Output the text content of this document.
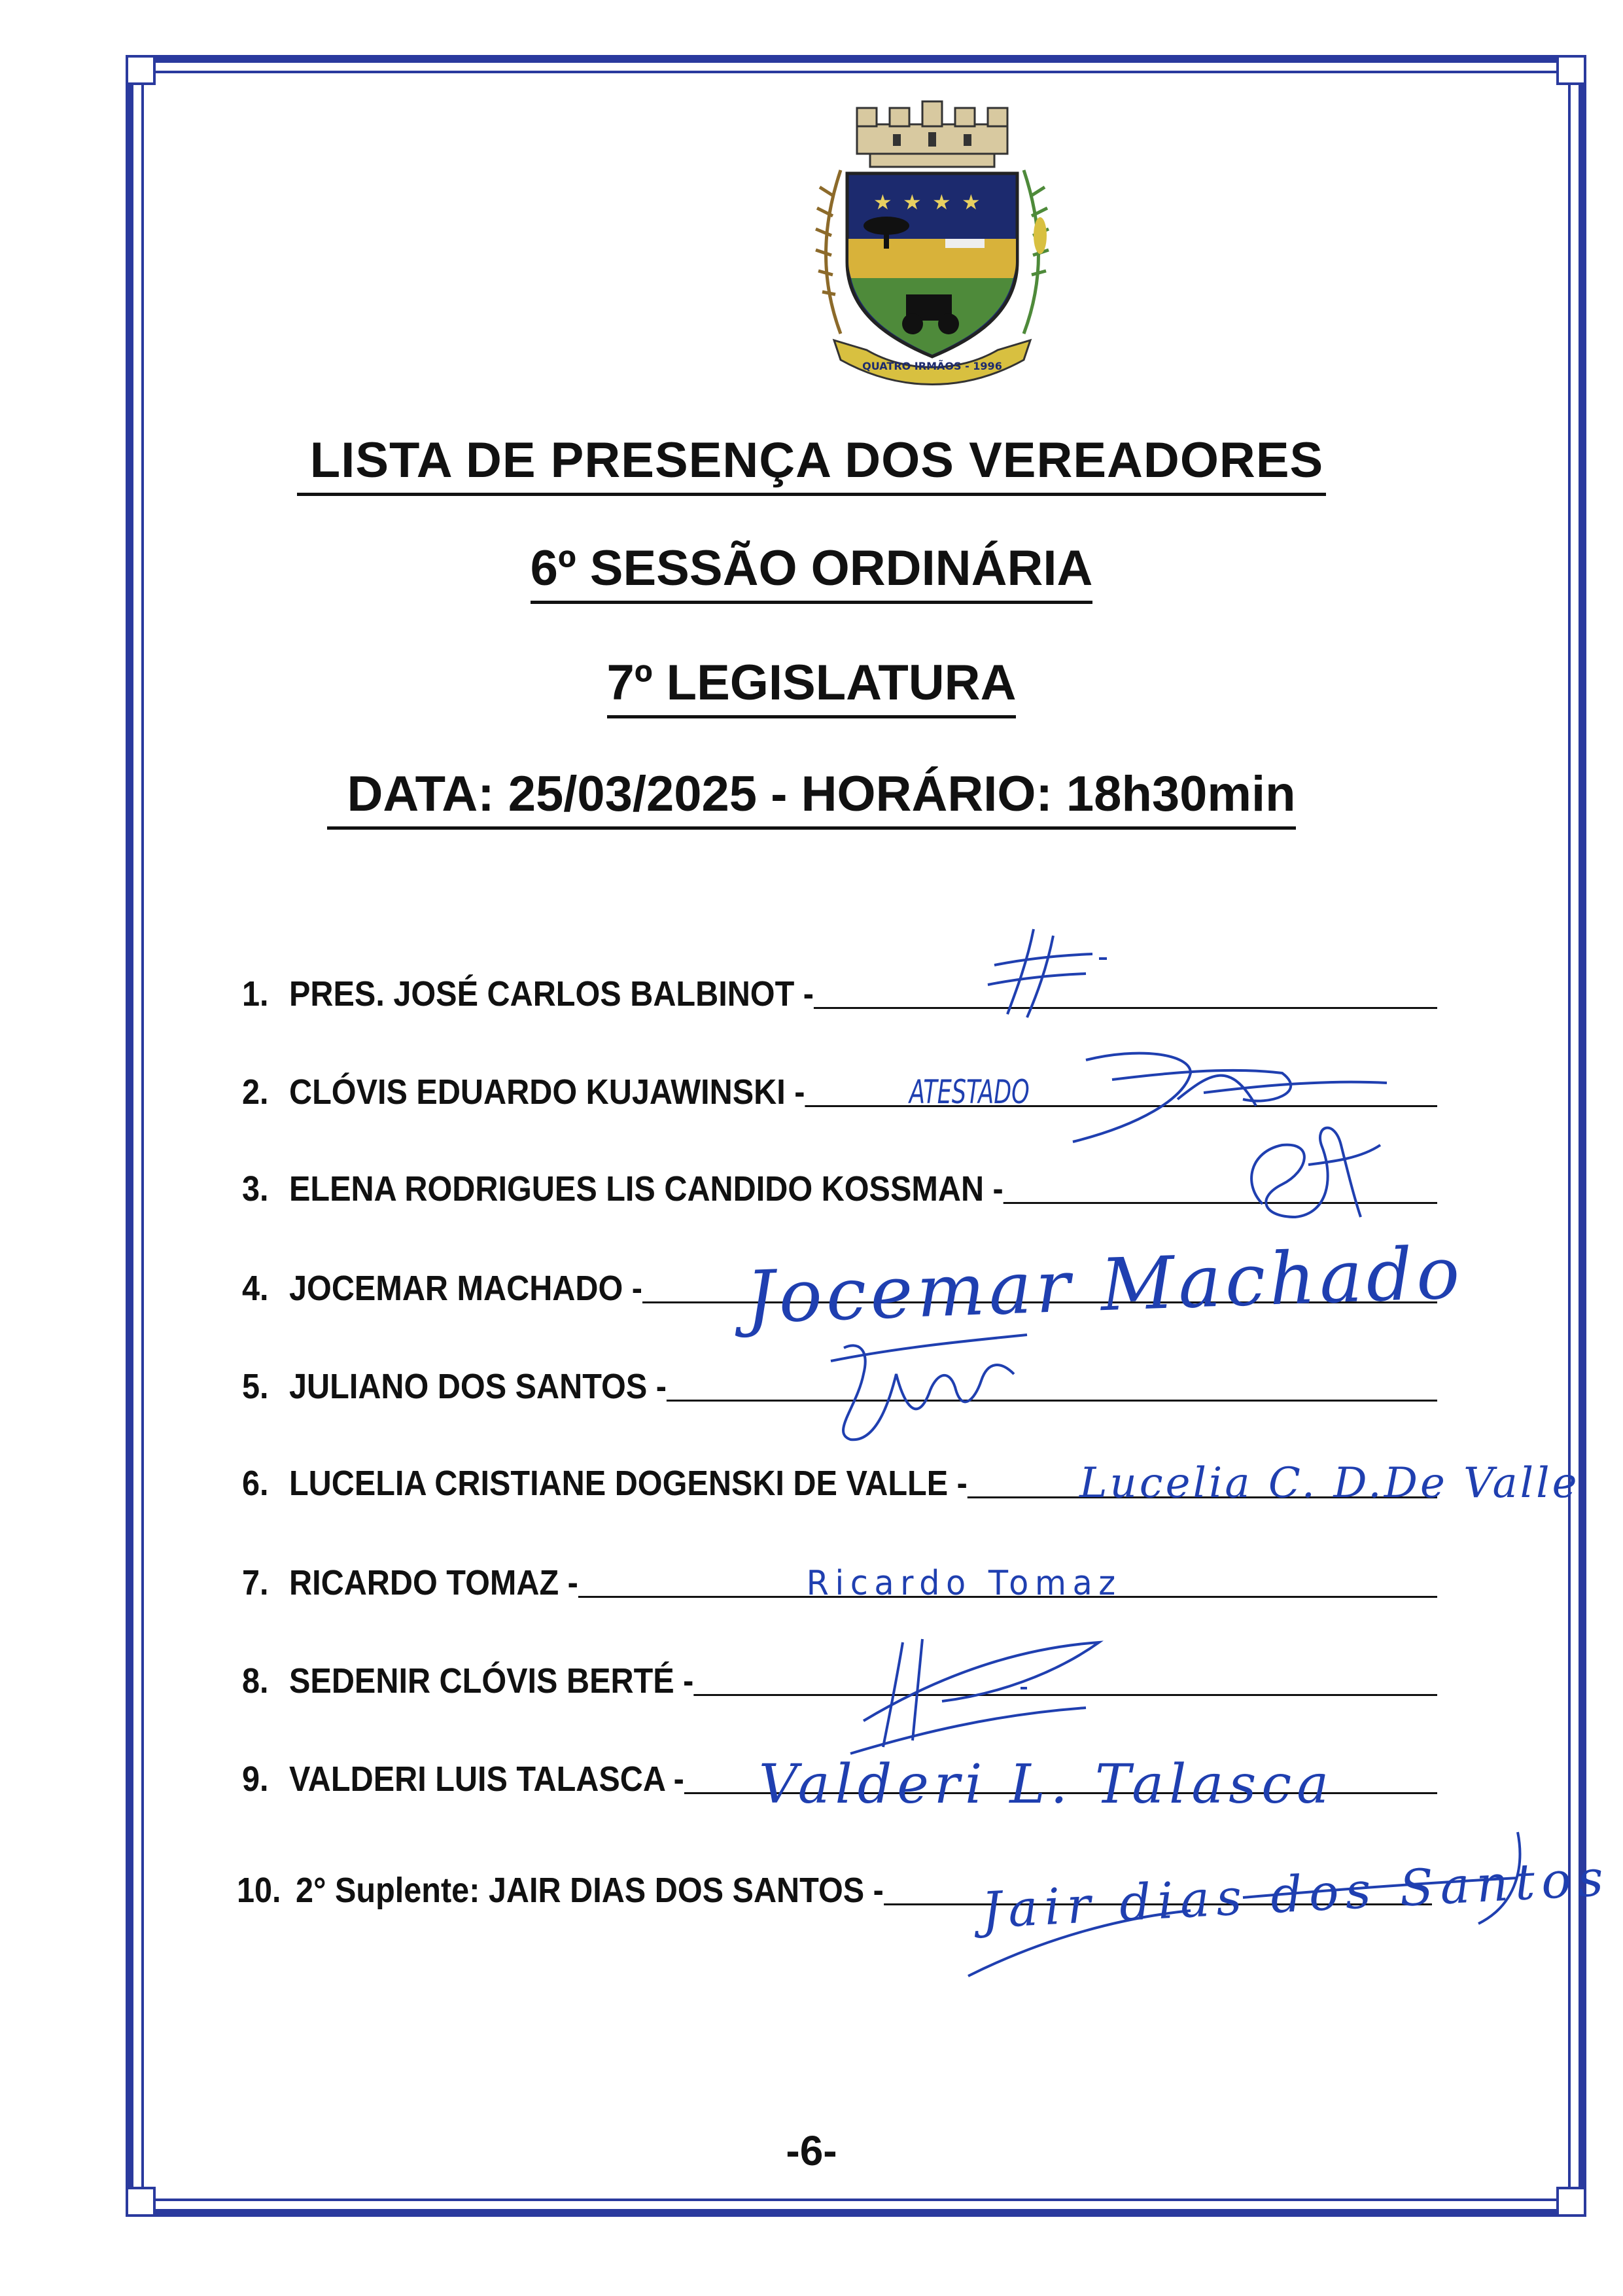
★ ★ ★ ★
QUATRO IRMÃOS - 1996
LISTA DE PRESENÇA DOS VEREADORES
6º SESSÃO ORDINÁRIA
7º LEGISLATURA
DATA: 25/03/2025 - HORÁRIO: 18h30min
1. PRES. JOSÉ CARLOS BALBINOT -
2. CLÓVIS EDUARDO KUJAWINSKI -
3. ELENA RODRIGUES LIS CANDIDO KOSSMAN -
4. JOCEMAR MACHADO -
5. JULIANO DOS SANTOS -
6. LUCELIA CRISTIANE DOGENSKI DE VALLE -
7. RICARDO TOMAZ -
8. SEDENIR CLÓVIS BERTÉ -
9. VALDERI LUIS TALASCA -
10. 2° Suplente: JAIR DIAS DOS SANTOS -
ATESTADO
Jocemar Machado
Lucelia C. D.De Valle
Ricardo Tomaz
Valderi L. Talasca
Jair dias dos Santos
-6-
